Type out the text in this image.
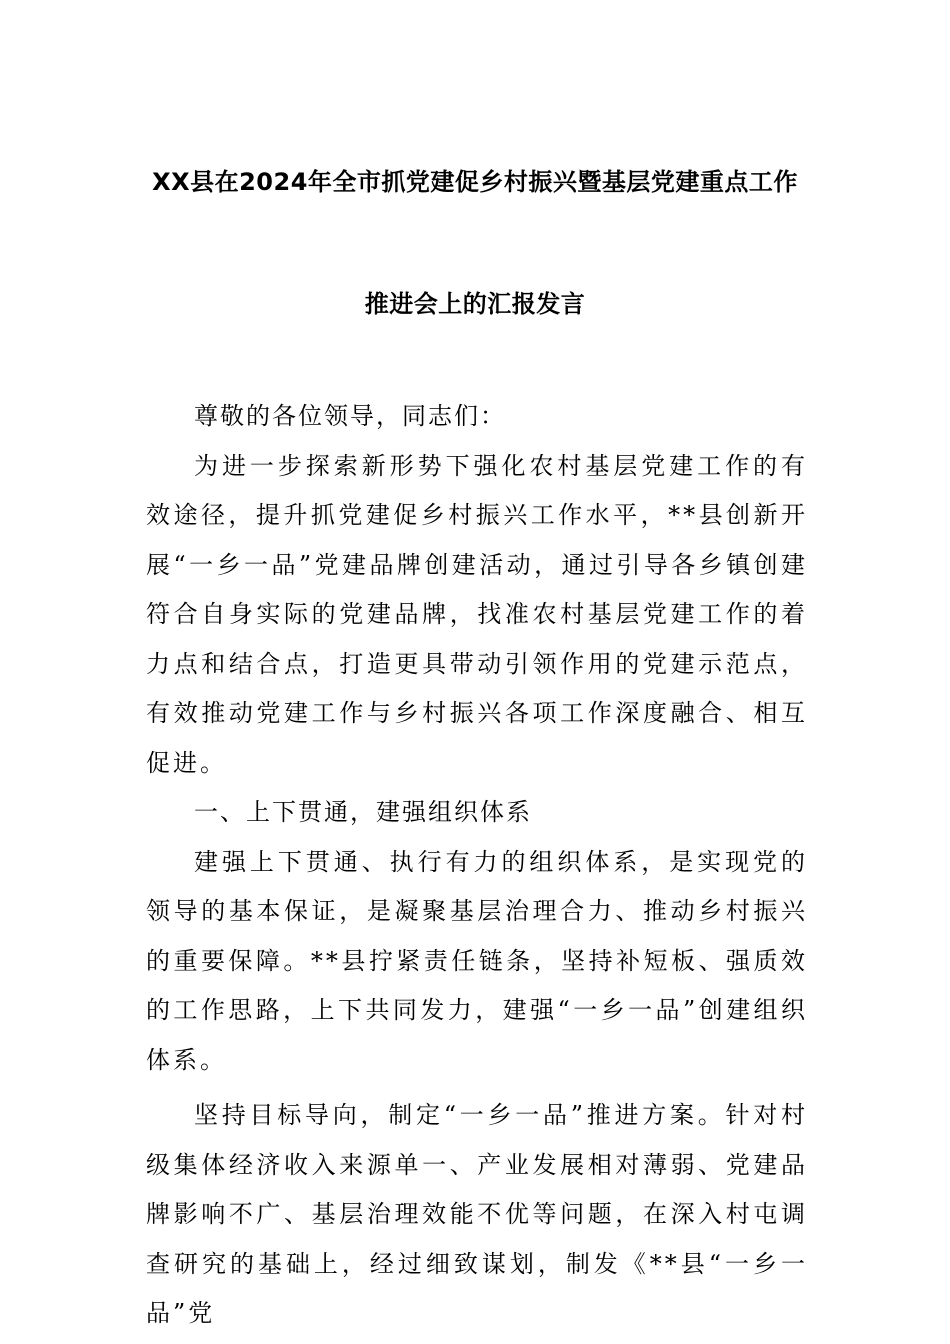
XX县在2024年全市抓党建促乡村振兴暨基层党建重点工作
推进会上的汇报发言

尊敬的各位领导，同志们：

为进一步探索新形势下强化农村基层党建工作的有效途径，提升抓党建促乡村振兴工作水平，**县创新开展“一乡一品”党建品牌创建活动，通过引导各乡镇创建符合自身实际的党建品牌，找准农村基层党建工作的着力点和结合点，打造更具带动引领作用的党建示范点，有效推动党建工作与乡村振兴各项工作深度融合、相互促进。

一、上下贯通，建强组织体系

建强上下贯通、执行有力的组织体系，是实现党的领导的基本保证，是凝聚基层治理合力、推动乡村振兴的重要保障。**县拧紧责任链条，坚持补短板、强质效的工作思路，上下共同发力，建强“一乡一品”创建组织体系。

坚持目标导向，制定“一乡一品”推进方案。针对村级集体经济收入来源单一、产业发展相对薄弱、党建品牌影响不广、基层治理效能不优等问题，在深入村屯调查研究的基础上，经过细致谋划，制发《**县“一乡一品”党
